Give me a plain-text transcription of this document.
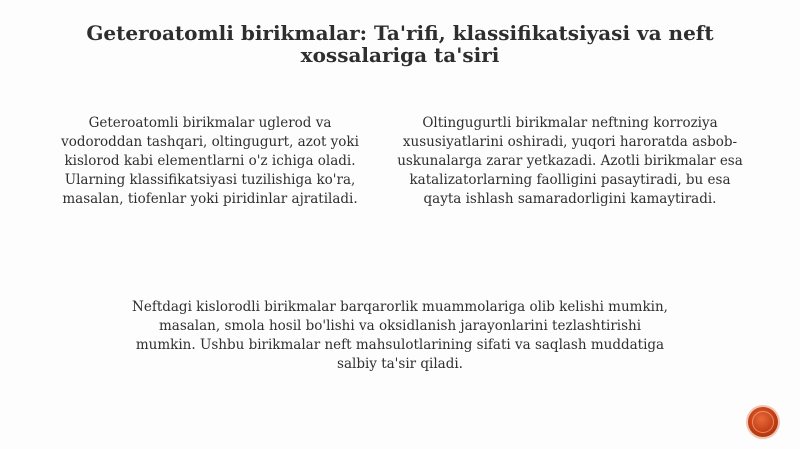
Geteroatomli birikmalar: Ta'rifi, klassifikatsiyasi va neft xossalariga ta'siri

Geteroatomli birikmalar uglerod va vodoroddan tashqari, oltingugurt, azot yoki kislorod kabi elementlarni o'z ichiga oladi. Ularning klassifikatsiyasi tuzilishiga ko'ra, masalan, tiofenlar yoki piridinlar ajratiladi.

Oltingugurtli birikmalar neftning korroziya xususiyatlarini oshiradi, yuqori haroratda asbob-uskunalarga zarar yetkazadi. Azotli birikmalar esa katalizatorlarning faolligini pasaytiradi, bu esa qayta ishlash samaradorligini kamaytiradi.

Neftdagi kislorodli birikmalar barqarorlik muammolariga olib kelishi mumkin, masalan, smola hosil bo'lishi va oksidlanish jarayonlarini tezlashtirishi mumkin. Ushbu birikmalar neft mahsulotlarining sifati va saqlash muddatiga salbiy ta'sir qiladi.
